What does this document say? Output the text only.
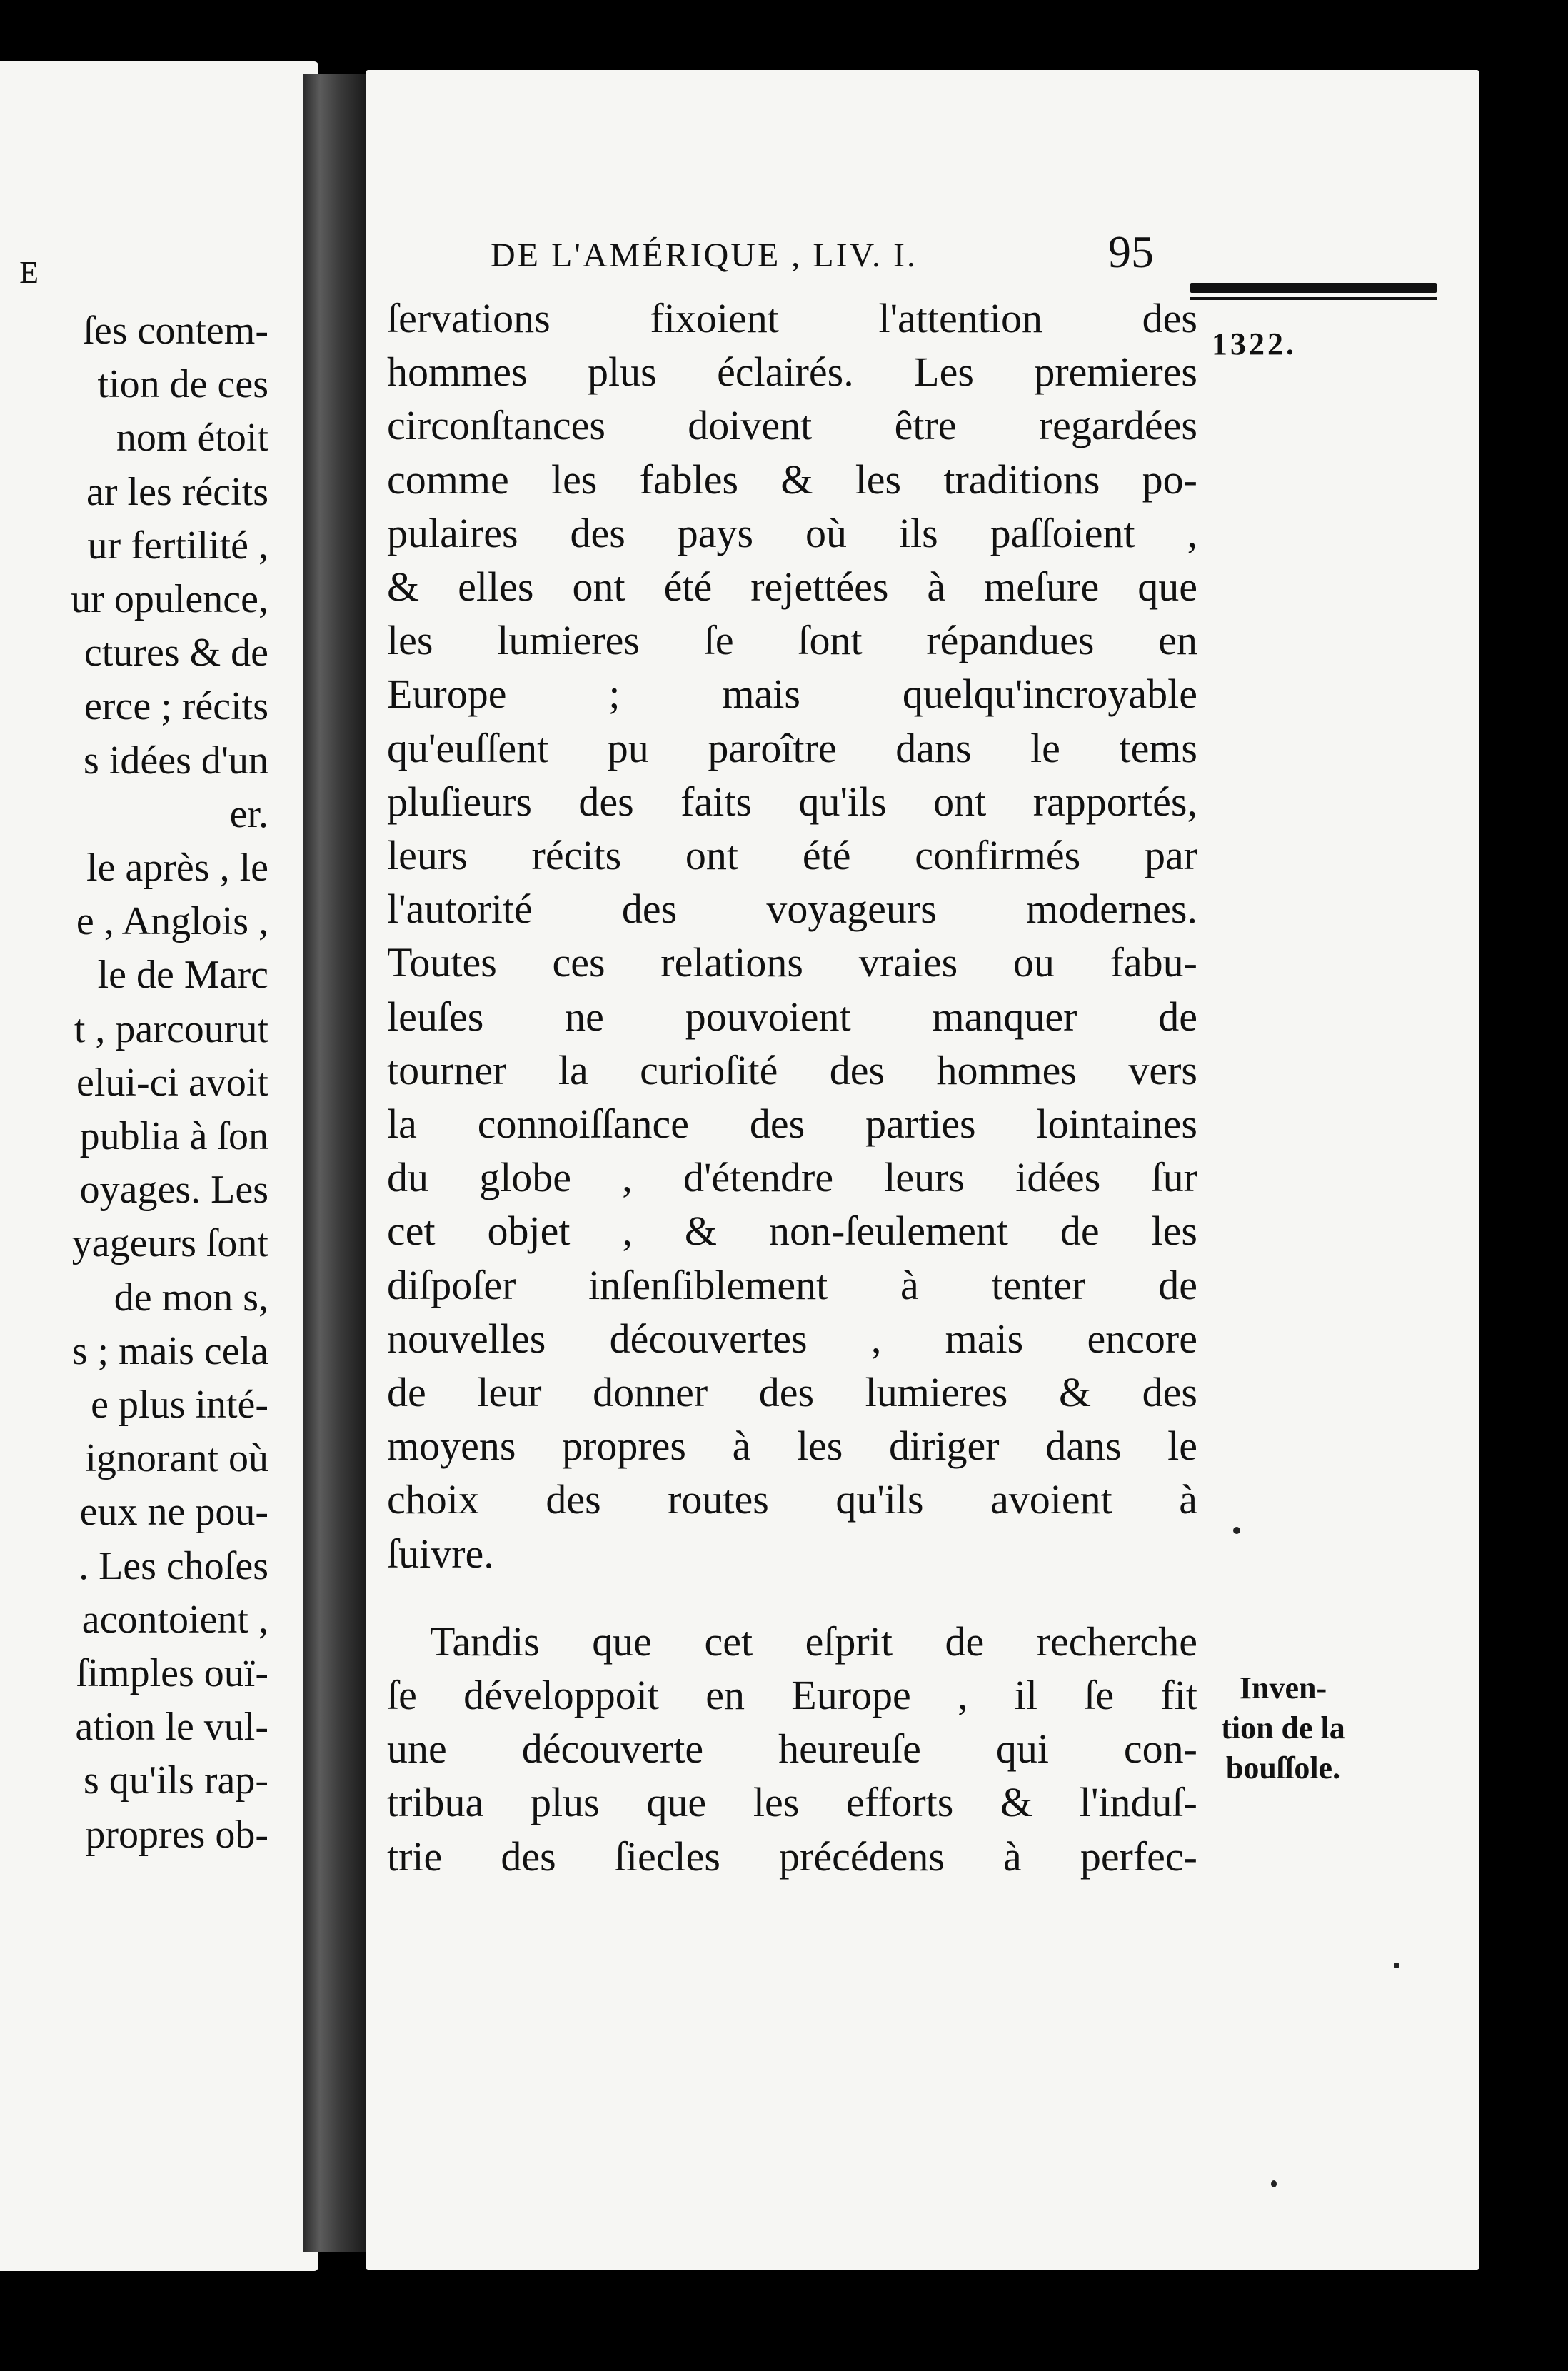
E
ſes contem-
tion de ces
nom étoit
ar les récits
ur fertilité ,
ur opulence,
ctures & de
erce ; récits
s idées d'un
er.
le après , le
e , Anglois ,
le de Marc
t , parcourut
elui-ci avoit
publia à ſon
oyages. Les
yageurs ſont
de mon s,
s ; mais cela
e plus inté-
ignorant où
eux ne pou-
. Les choſes
acontoient ,
ſimples ouï-
ation le vul-
s qu'ils rap-
propres ob-
DE L'AMÉRIQUE , LIV. I.	95
1322.
ſervations fixoient l'attention des
hommes plus éclairés. Les premieres
circonſtances doivent être regardées
comme les fables & les traditions po-
pulaires des pays où ils paſſoient ,
& elles ont été rejettées à meſure que
les lumieres ſe ſont répandues en
Europe ; mais quelqu'incroyable
qu'euſſent pu paroître dans le tems
pluſieurs des faits qu'ils ont rapportés,
leurs récits ont été confirmés par
l'autorité des voyageurs modernes.
Toutes ces relations vraies ou fabu-
leuſes ne pouvoient manquer de
tourner la curioſité des hommes vers
la connoiſſance des parties lointaines
du globe , d'étendre leurs idées ſur
cet objet , & non-ſeulement de les
diſpoſer inſenſiblement à tenter de
nouvelles découvertes , mais encore
de leur donner des lumieres & des
moyens propres à les diriger dans le
choix des routes qu'ils avoient à
ſuivre.
Tandis que cet eſprit de recherche
ſe développoit en Europe , il ſe fit
une découverte heureuſe qui con-
tribua plus que les efforts & l'induſ-
trie des ſiecles précédens à perfec-
Inven-
tion de la
bouſſole.
